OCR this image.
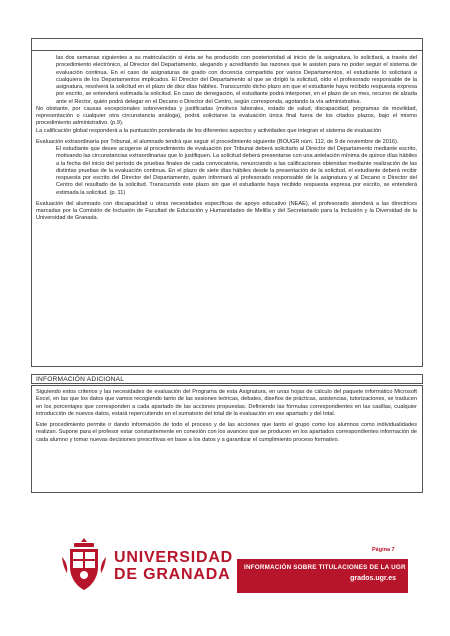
las dos semanas siguientes a su matriculación si ésta se ha producido con posterioridad al inicio de la asignatura, lo solicitará, a través del procedimiento electrónico, al Director del Departamento, alegando y acreditando las razones que le asisten para no poder seguir el sistema de evaluación continua. En el caso de asignaturas de grado con docencia compartida por varios Departamentos, el estudiante lo solicitará a cualquiera de los Departamentos implicados. El Director del Departamento al que se dirigió la solicitud, oído el profesorado responsable de la asignatura, resolverá la solicitud en el plazo de diez días hábiles. Transcurrido dicho plazo sin que el estudiante haya recibido respuesta expresa por escrito, se entenderá estimada la solicitud. En caso de denegación, el estudiante podrá interponer, en el plazo de un mes, recurso de alzada ante el Rector, quién podrá delegar en el Decano o Director del Centro, según corresponda, agotando la vía administrativa.

No obstante, por causas excepcionales sobrevenidas y justificadas (motivos laborales, estado de salud, discapacidad, programas de movilidad, representación o cualquier otra circunstancia análoga), podrá solicitarse la evaluación única final fuera de los citados plazos, bajo el mismo procedimiento administrativo. (p.9).

La calificación global responderá a la puntuación ponderada de los diferentes aspectos y actividades que integran el sistema de evaluación

Evaluación extraordinaria por Tribunal, el alumnado tendrá que seguir el procedimiento siguiente (BOUGR núm. 112, de 9 de noviembre de 2016).

El estudiante que desee acogerse al procedimiento de evaluación por Tribunal deberá solicitarlo al Director del Departamento mediante escrito, motivando las circunstancias extraordinarias que lo justifiquen. La solicitud deberá presentarse con una antelación mínima de quince días hábiles a la fecha del inicio del período de pruebas finales de cada convocatoria, renunciando a las calificaciones obtenidas mediante realización de las distintas pruebas de la evaluación continua. En el plazo de siete días hábiles desde la presentación de la solicitud, el estudiante deberá recibir respuesta por escrito del Director del Departamento, quien informará al profesorado responsable de la asignatura y al Decano o Director del Centro del resultado de la solicitud. Transcurrido este plazo sin que el estudiante haya recibido respuesta expresa por escrito, se entenderá estimada la solicitud. (p. 11)

Evaluación del alumnado con discapacidad u otras necesidades específicas de apoyo educativo (NEAE), el profesorado atenderá a las directrices marcadas por la Comisión de Inclusión de Facultad de Educación y Humanidades de Melilla y del Secretariado para la Inclusión y la Diversidad de la Universidad de Granada.

INFORMACIÓN ADICIONAL

Siguiendo estos criterios y las necesidades de evaluación del Programa de esta Asignatura, en unas hojas de cálculo del paquete informático Microsoft Excel, en las que los datos que vamos recogiendo tanto de las sesiones teóricas, debates, diseños de prácticas, asistencias, tutorizaciones, se traducen en los porcentajes que corresponden a cada apartado de las acciones propuestas. Definiendo las fórmulas correspondientes en las casillas, cualquier introducción de nuevos datos, estará repercutiendo en el sumatorio del total de la evaluación en ese apartado y del total.

Este procedimiento permite ir dando información de todo el proceso y de las acciones que tanto el grupo como los alumnos como individualidades realizan. Supone para el profesor estar constantemente en conexión con los avances que se producen en los apartados correspondientes información de cada alumno y tomar nuevas decisiones prescritivas en base a los datos y a garantizar el cumplimiento proceso formativo.

UNIVERSIDAD
DE GRANADA
Página 7
INFORMACIÓN SOBRE TITULACIONES DE LA UGR
grados.ugr.es
